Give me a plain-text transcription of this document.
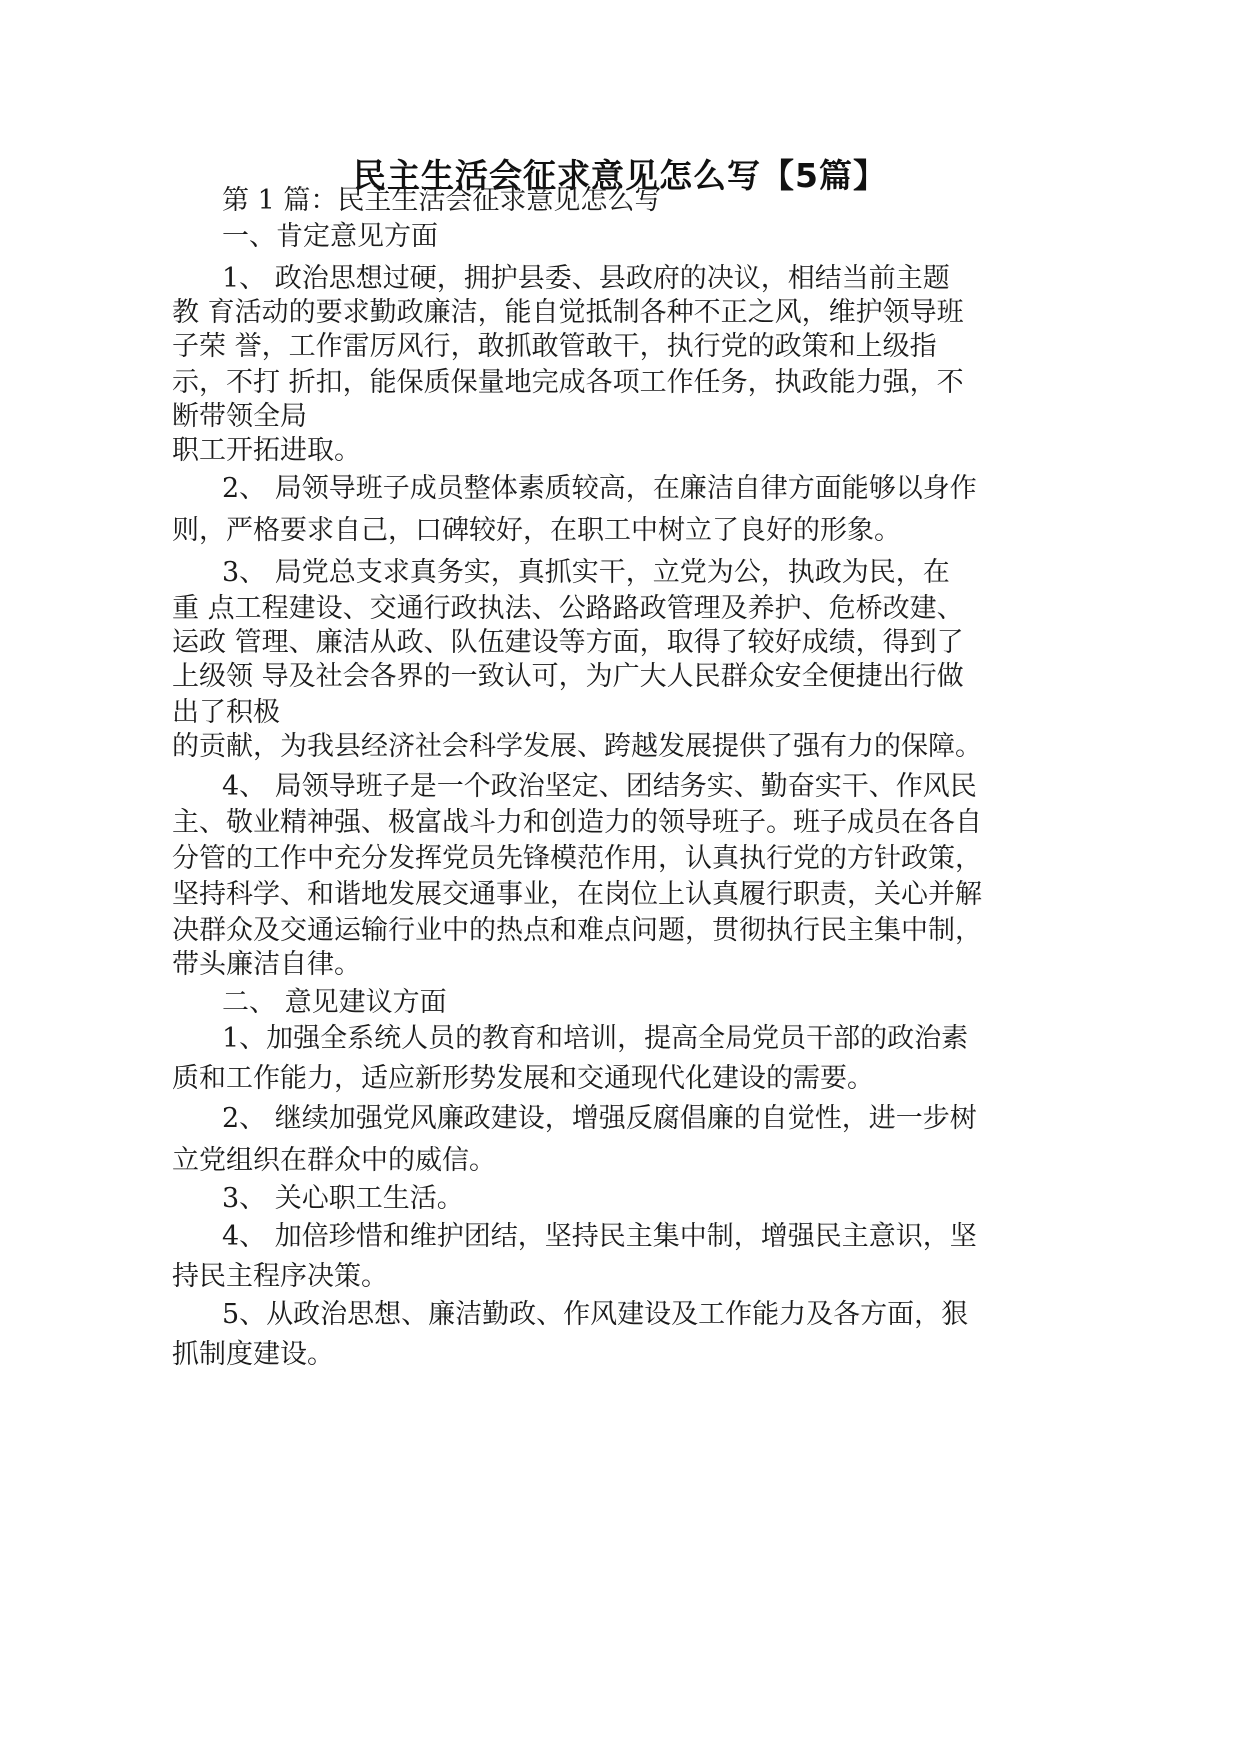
民主生活会征求意见怎么写【5篇】
第 1 篇：民主生活会征求意见怎么写
一、肯定意见方面
1、 政治思想过硬，拥护县委、县政府的决议，相结当前主题
教 育活动的要求勤政廉洁，能自觉抵制各种不正之风，维护领导班
子荣 誉，工作雷厉风行，敢抓敢管敢干，执行党的政策和上级指
示，不打 折扣，能保质保量地完成各项工作任务，执政能力强，不
断带领全局
职工开拓进取。
2、 局领导班子成员整体素质较高，在廉洁自律方面能够以身作
则，严格要求自己，口碑较好，在职工中树立了良好的形象。
3、 局党总支求真务实，真抓实干，立党为公，执政为民，在
重 点工程建设、交通行政执法、公路路政管理及养护、危桥改建、
运政 管理、廉洁从政、队伍建设等方面，取得了较好成绩，得到了
上级领 导及社会各界的一致认可，为广大人民群众安全便捷出行做
出了积极
的贡献，为我县经济社会科学发展、跨越发展提供了强有力的保障。
4、 局领导班子是一个政治坚定、团结务实、勤奋实干、作风民
主、敬业精神强、极富战斗力和创造力的领导班子。班子成员在各自
分管的工作中充分发挥党员先锋模范作用，认真执行党的方针政策，
坚持科学、和谐地发展交通事业，在岗位上认真履行职责，关心并解
决群众及交通运输行业中的热点和难点问题，贯彻执行民主集中制，
带头廉洁自律。
二、 意见建议方面
1、加强全系统人员的教育和培训，提高全局党员干部的政治素
质和工作能力，适应新形势发展和交通现代化建设的需要。
2、 继续加强党风廉政建设，增强反腐倡廉的自觉性，进一步树
立党组织在群众中的威信。
3、 关心职工生活。
4、 加倍珍惜和维护团结，坚持民主集中制，增强民主意识，坚
持民主程序决策。
5、从政治思想、廉洁勤政、作风建设及工作能力及各方面，狠
抓制度建设。
